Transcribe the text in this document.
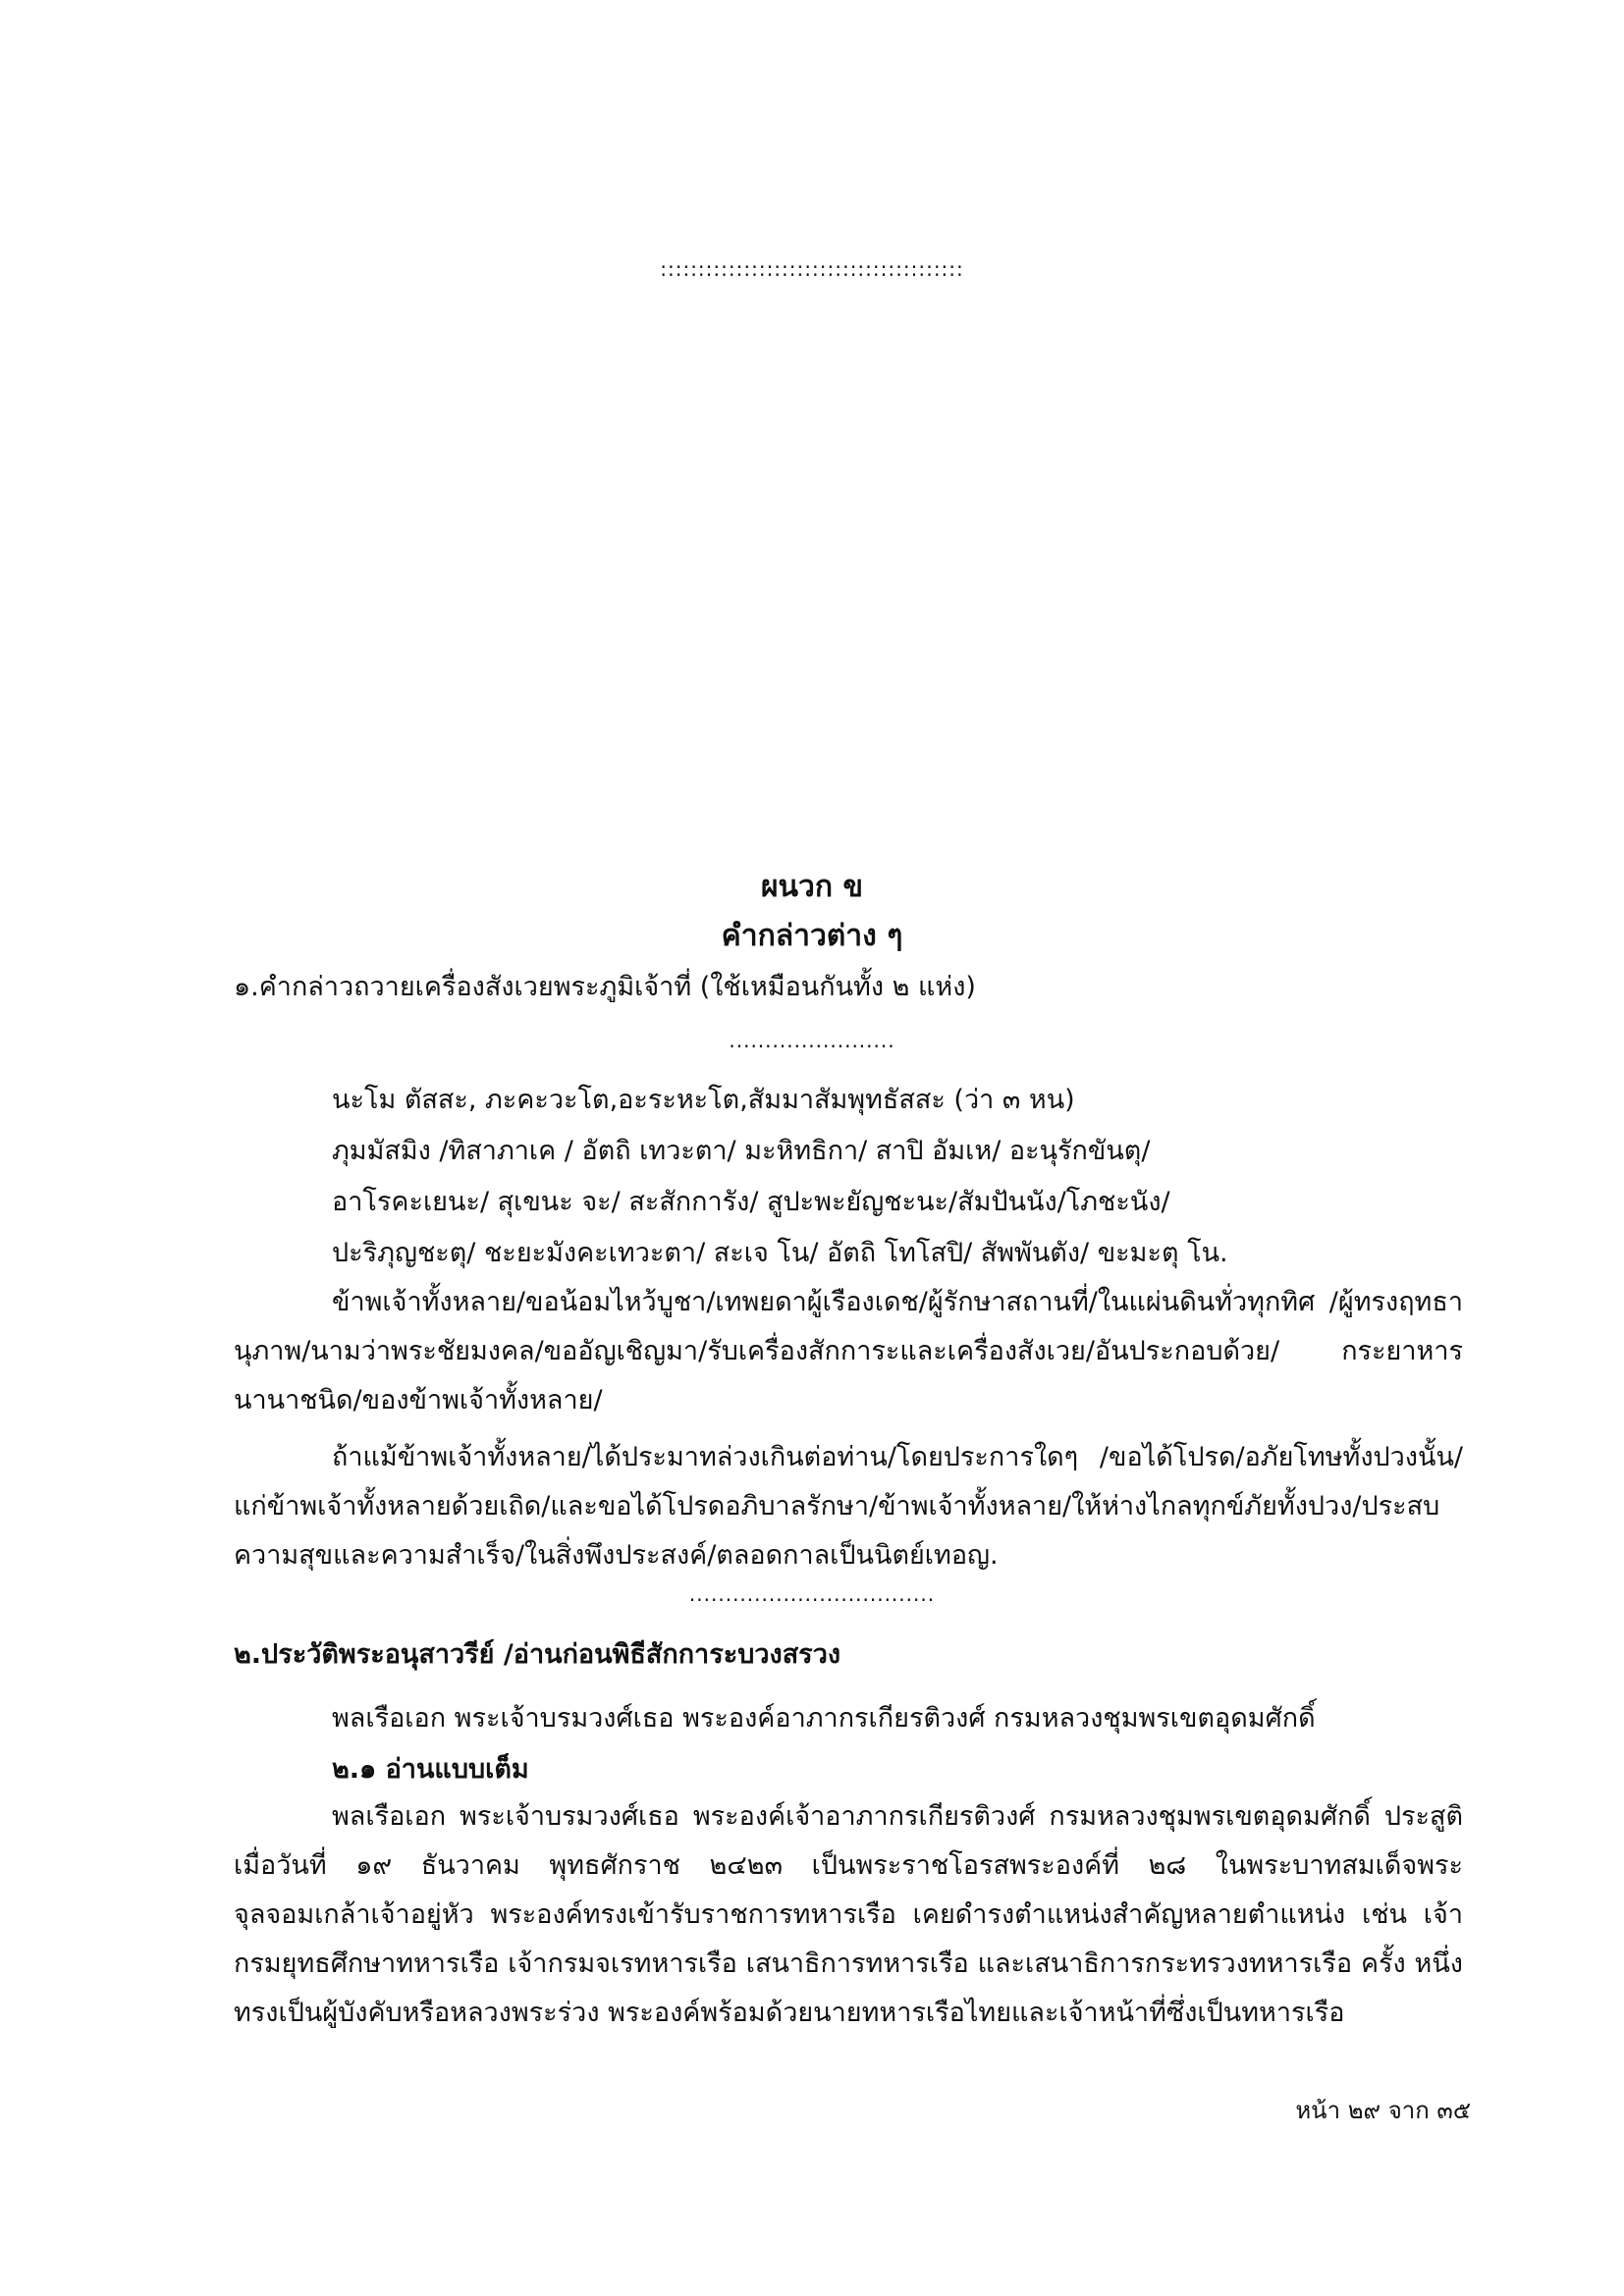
::::::::::::::::::::::::::::::::::::::::
ผนวก ข
คำกล่าวต่าง ๆ
๑.คำกล่าวถวายเครื่องสังเวยพระภูมิเจ้าที่ (ใช้เหมือนกันทั้ง ๒ แห่ง)
.......................
นะโม ตัสสะ, ภะคะวะโต,อะระหะโต,สัมมาสัมพุทธัสสะ (ว่า ๓ หน)
ภุมมัสมิง /ทิสาภาเค / อัตถิ เทวะตา/ มะหิทธิกา/ สาปิ อัมเห/ อะนุรักขันตุ/
อาโรคะเยนะ/ สุเขนะ จะ/ สะสักการัง/ สูปะพะยัญชะนะ/สัมปันนัง/โภชะนัง/
ปะริภุญชะตุ/ ชะยะมังคะเทวะตา/ สะเจ โน/ อัตถิ โทโสปิ/ สัพพันตัง/ ขะมะตุ โน.
ข้าพเจ้าทั้งหลาย/ขอน้อมไหว้บูชา/เทพยดาผู้เรืองเดช/ผู้รักษาสถานที่/ในแผ่นดินทั่วทุกทิศ /ผู้ทรงฤทธานุภาพ/นามว่าพระชัยมงคล/ขออัญเชิญมา/รับเครื่องสักการะและเครื่องสังเวย/อันประกอบด้วย/ กระยาหารนานาชนิด/ของข้าพเจ้าทั้งหลาย/
ถ้าแม้ข้าพเจ้าทั้งหลาย/ได้ประมาทล่วงเกินต่อท่าน/โดยประการใดๆ /ขอได้โปรด/อภัยโทษทั้งปวงนั้น/ แก่ข้าพเจ้าทั้งหลายด้วยเถิด/และขอได้โปรดอภิบาลรักษา/ข้าพเจ้าทั้งหลาย/ให้ห่างไกลทุกข์ภัยทั้งปวง/ประสบ ความสุขและความสำเร็จ/ในสิ่งพึงประสงค์/ตลอดกาลเป็นนิตย์เทอญ.
..................................
๒.ประวัติพระอนุสาวรีย์ /อ่านก่อนพิธีสักการะบวงสรวง
พลเรือเอก พระเจ้าบรมวงศ์เธอ พระองค์อาภากรเกียรติวงศ์ กรมหลวงชุมพรเขตอุดมศักดิ์
๒.๑ อ่านแบบเต็ม
พลเรือเอก พระเจ้าบรมวงศ์เธอ พระองค์เจ้าอาภากรเกียรติวงศ์ กรมหลวงชุมพรเขตอุดมศักดิ์ ประสูติ เมื่อวันที่ ๑๙ ธันวาคม พุทธศักราช ๒๔๒๓ เป็นพระราชโอรสพระองค์ที่ ๒๘ ในพระบาทสมเด็จพระ จุลจอมเกล้าเจ้าอยู่หัว พระองค์ทรงเข้ารับราชการทหารเรือ เคยดำรงตำแหน่งสำคัญหลายตำแหน่ง เช่น เจ้ากรมยุทธศึกษาทหารเรือ เจ้ากรมจเรทหารเรือ เสนาธิการทหารเรือ และเสนาธิการกระทรวงทหารเรือ ครั้ง หนึ่ง ทรงเป็นผู้บังคับหรือหลวงพระร่วง พระองค์พร้อมด้วยนายทหารเรือไทยและเจ้าหน้าที่ซึ่งเป็นทหารเรือ
หน้า ๒๙ จาก ๓๕
